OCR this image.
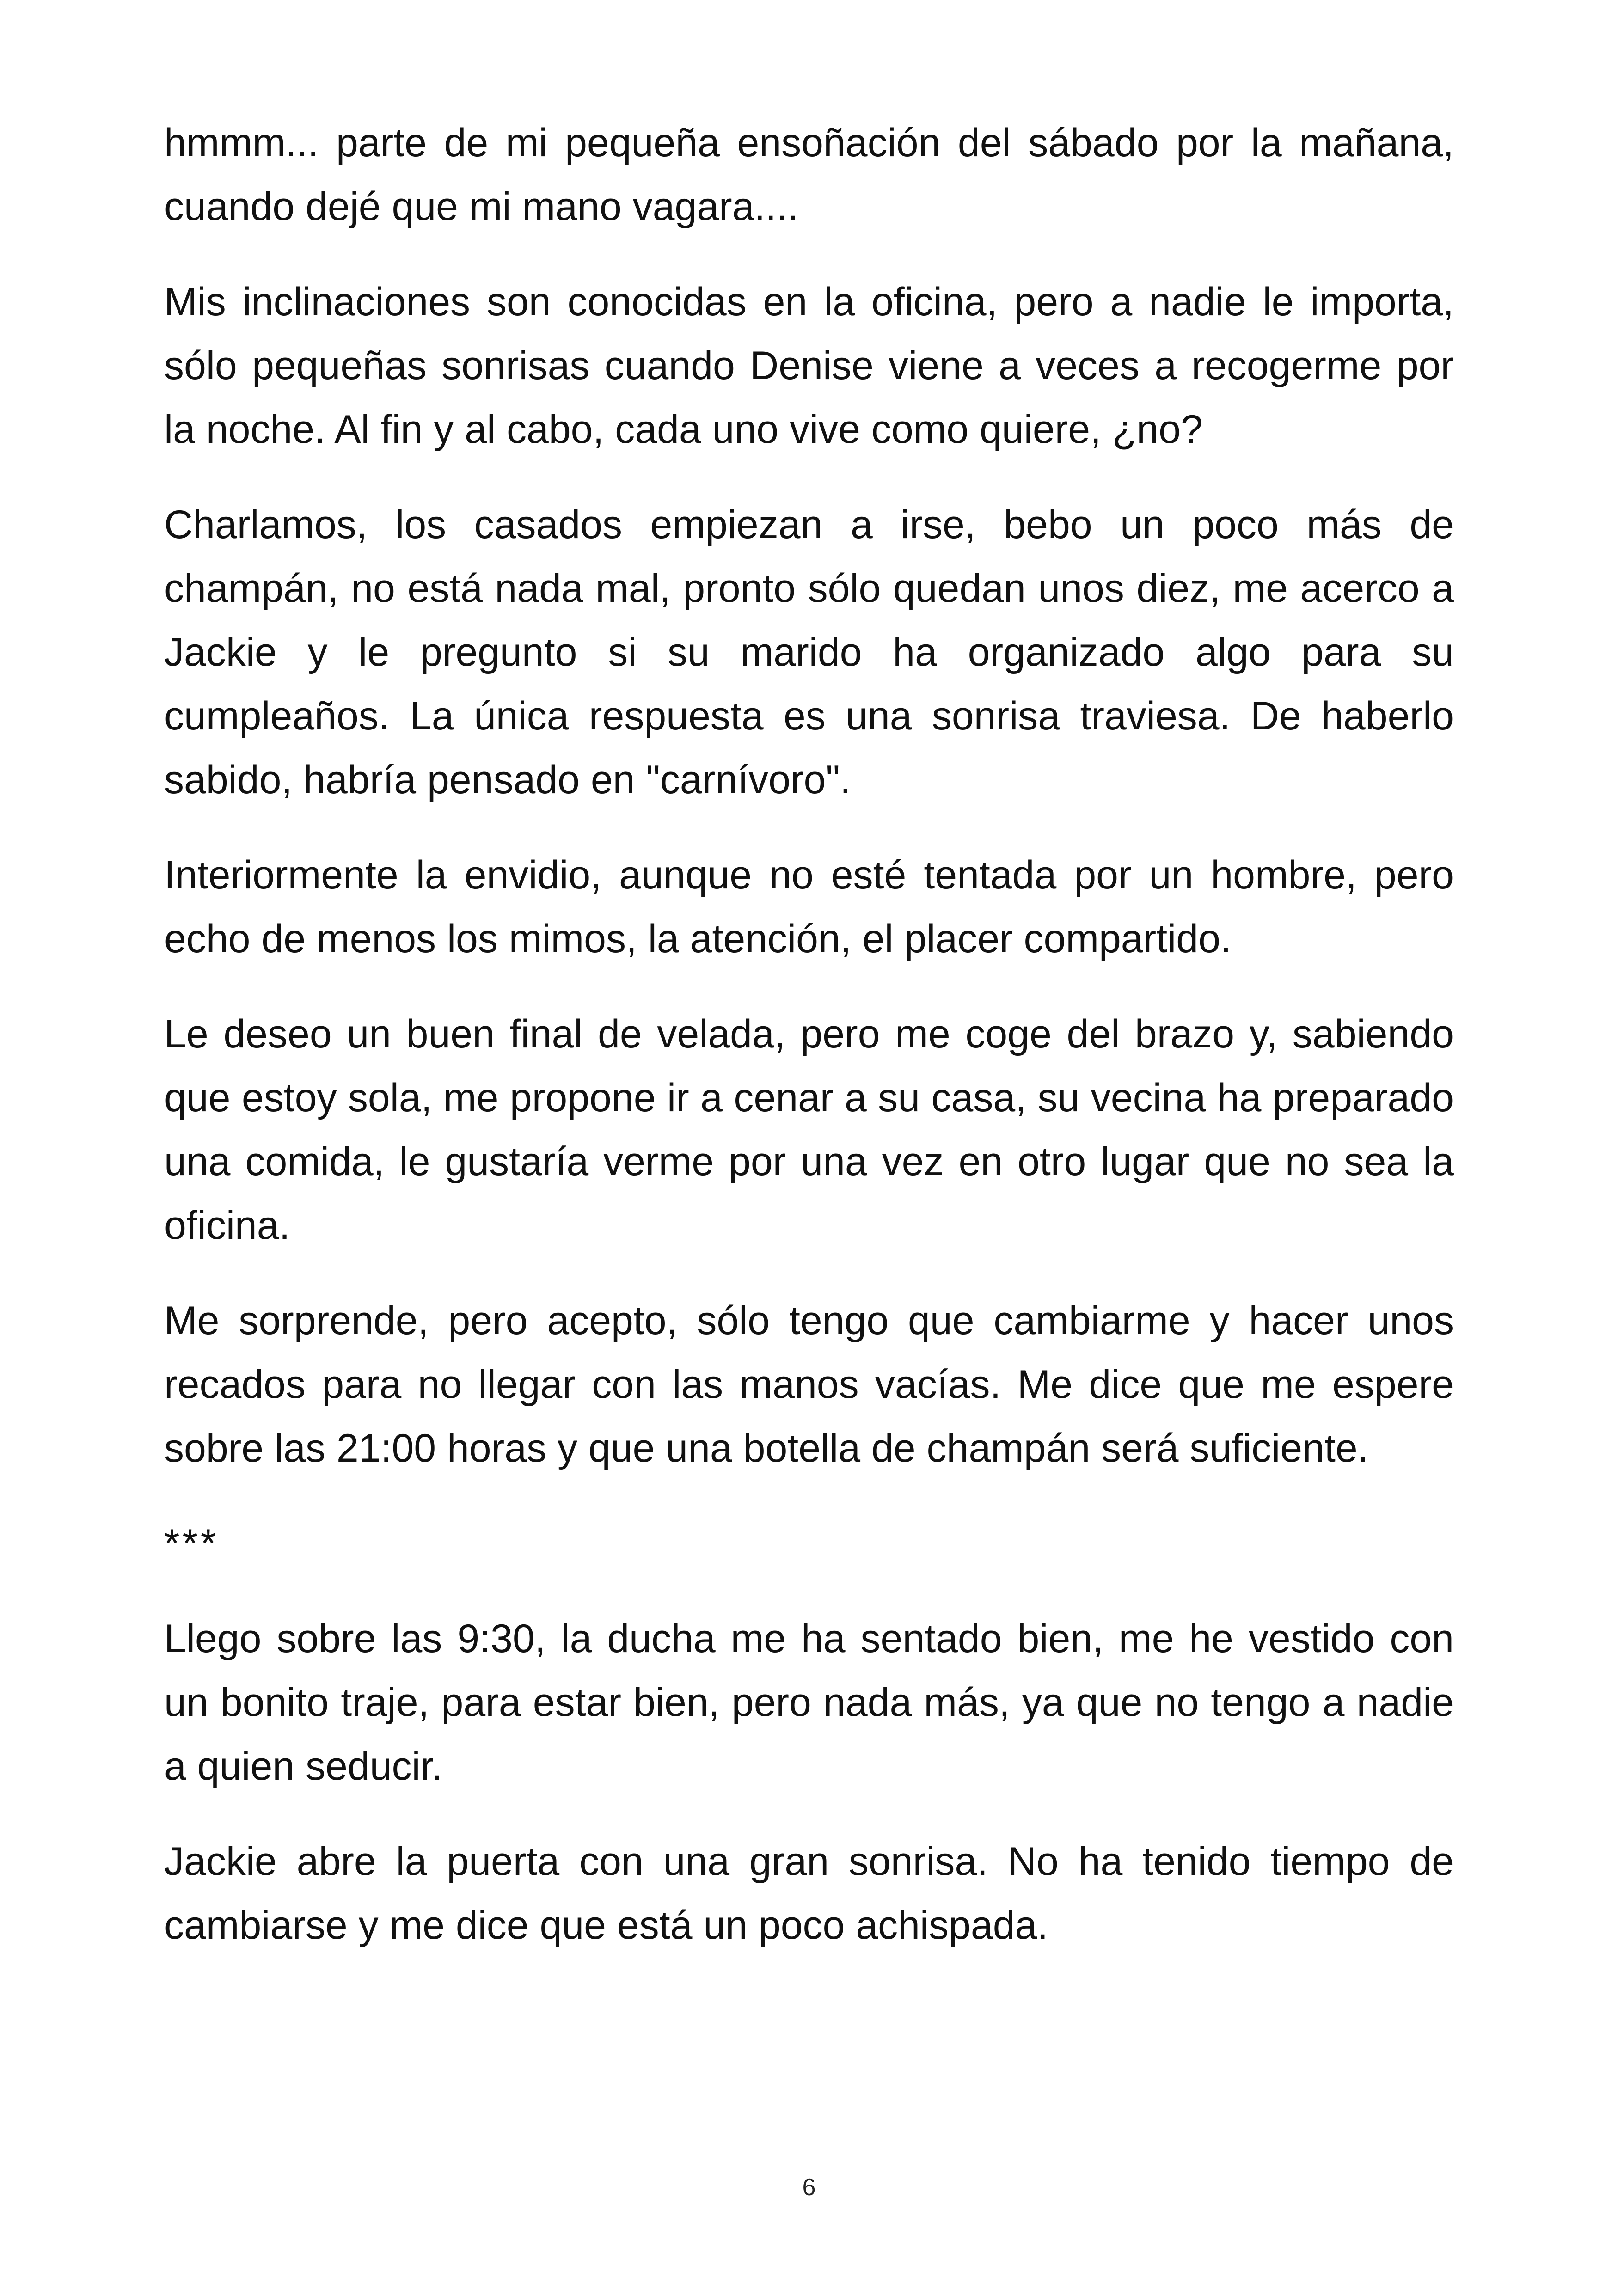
hmmm... parte de mi pequeña ensoñación del sábado por la mañana, cuando dejé que mi mano vagara....

Mis inclinaciones son conocidas en la oficina, pero a nadie le importa, sólo pequeñas sonrisas cuando Denise viene a veces a recogerme por la noche. Al fin y al cabo, cada uno vive como quiere, ¿no?

Charlamos, los casados empiezan a irse, bebo un poco más de champán, no está nada mal, pronto sólo quedan unos diez, me acerco a Jackie y le pregunto si su marido ha organizado algo para su cumpleaños. La única respuesta es una sonrisa traviesa. De haberlo sabido, habría pensado en "carnívoro".

Interiormente la envidio, aunque no esté tentada por un hombre, pero echo de menos los mimos, la atención, el placer compartido.

Le deseo un buen final de velada, pero me coge del brazo y, sabiendo que estoy sola, me propone ir a cenar a su casa, su vecina ha preparado una comida, le gustaría verme por una vez en otro lugar que no sea la oficina.

Me sorprende, pero acepto, sólo tengo que cambiarme y hacer unos recados para no llegar con las manos vacías. Me dice que me espere sobre las 21:00 horas y que una botella de champán será suficiente.

***

Llego sobre las 9:30, la ducha me ha sentado bien, me he vestido con un bonito traje, para estar bien, pero nada más, ya que no tengo a nadie a quien seducir.

Jackie abre la puerta con una gran sonrisa. No ha tenido tiempo de cambiarse y me dice que está un poco achispada.

6
